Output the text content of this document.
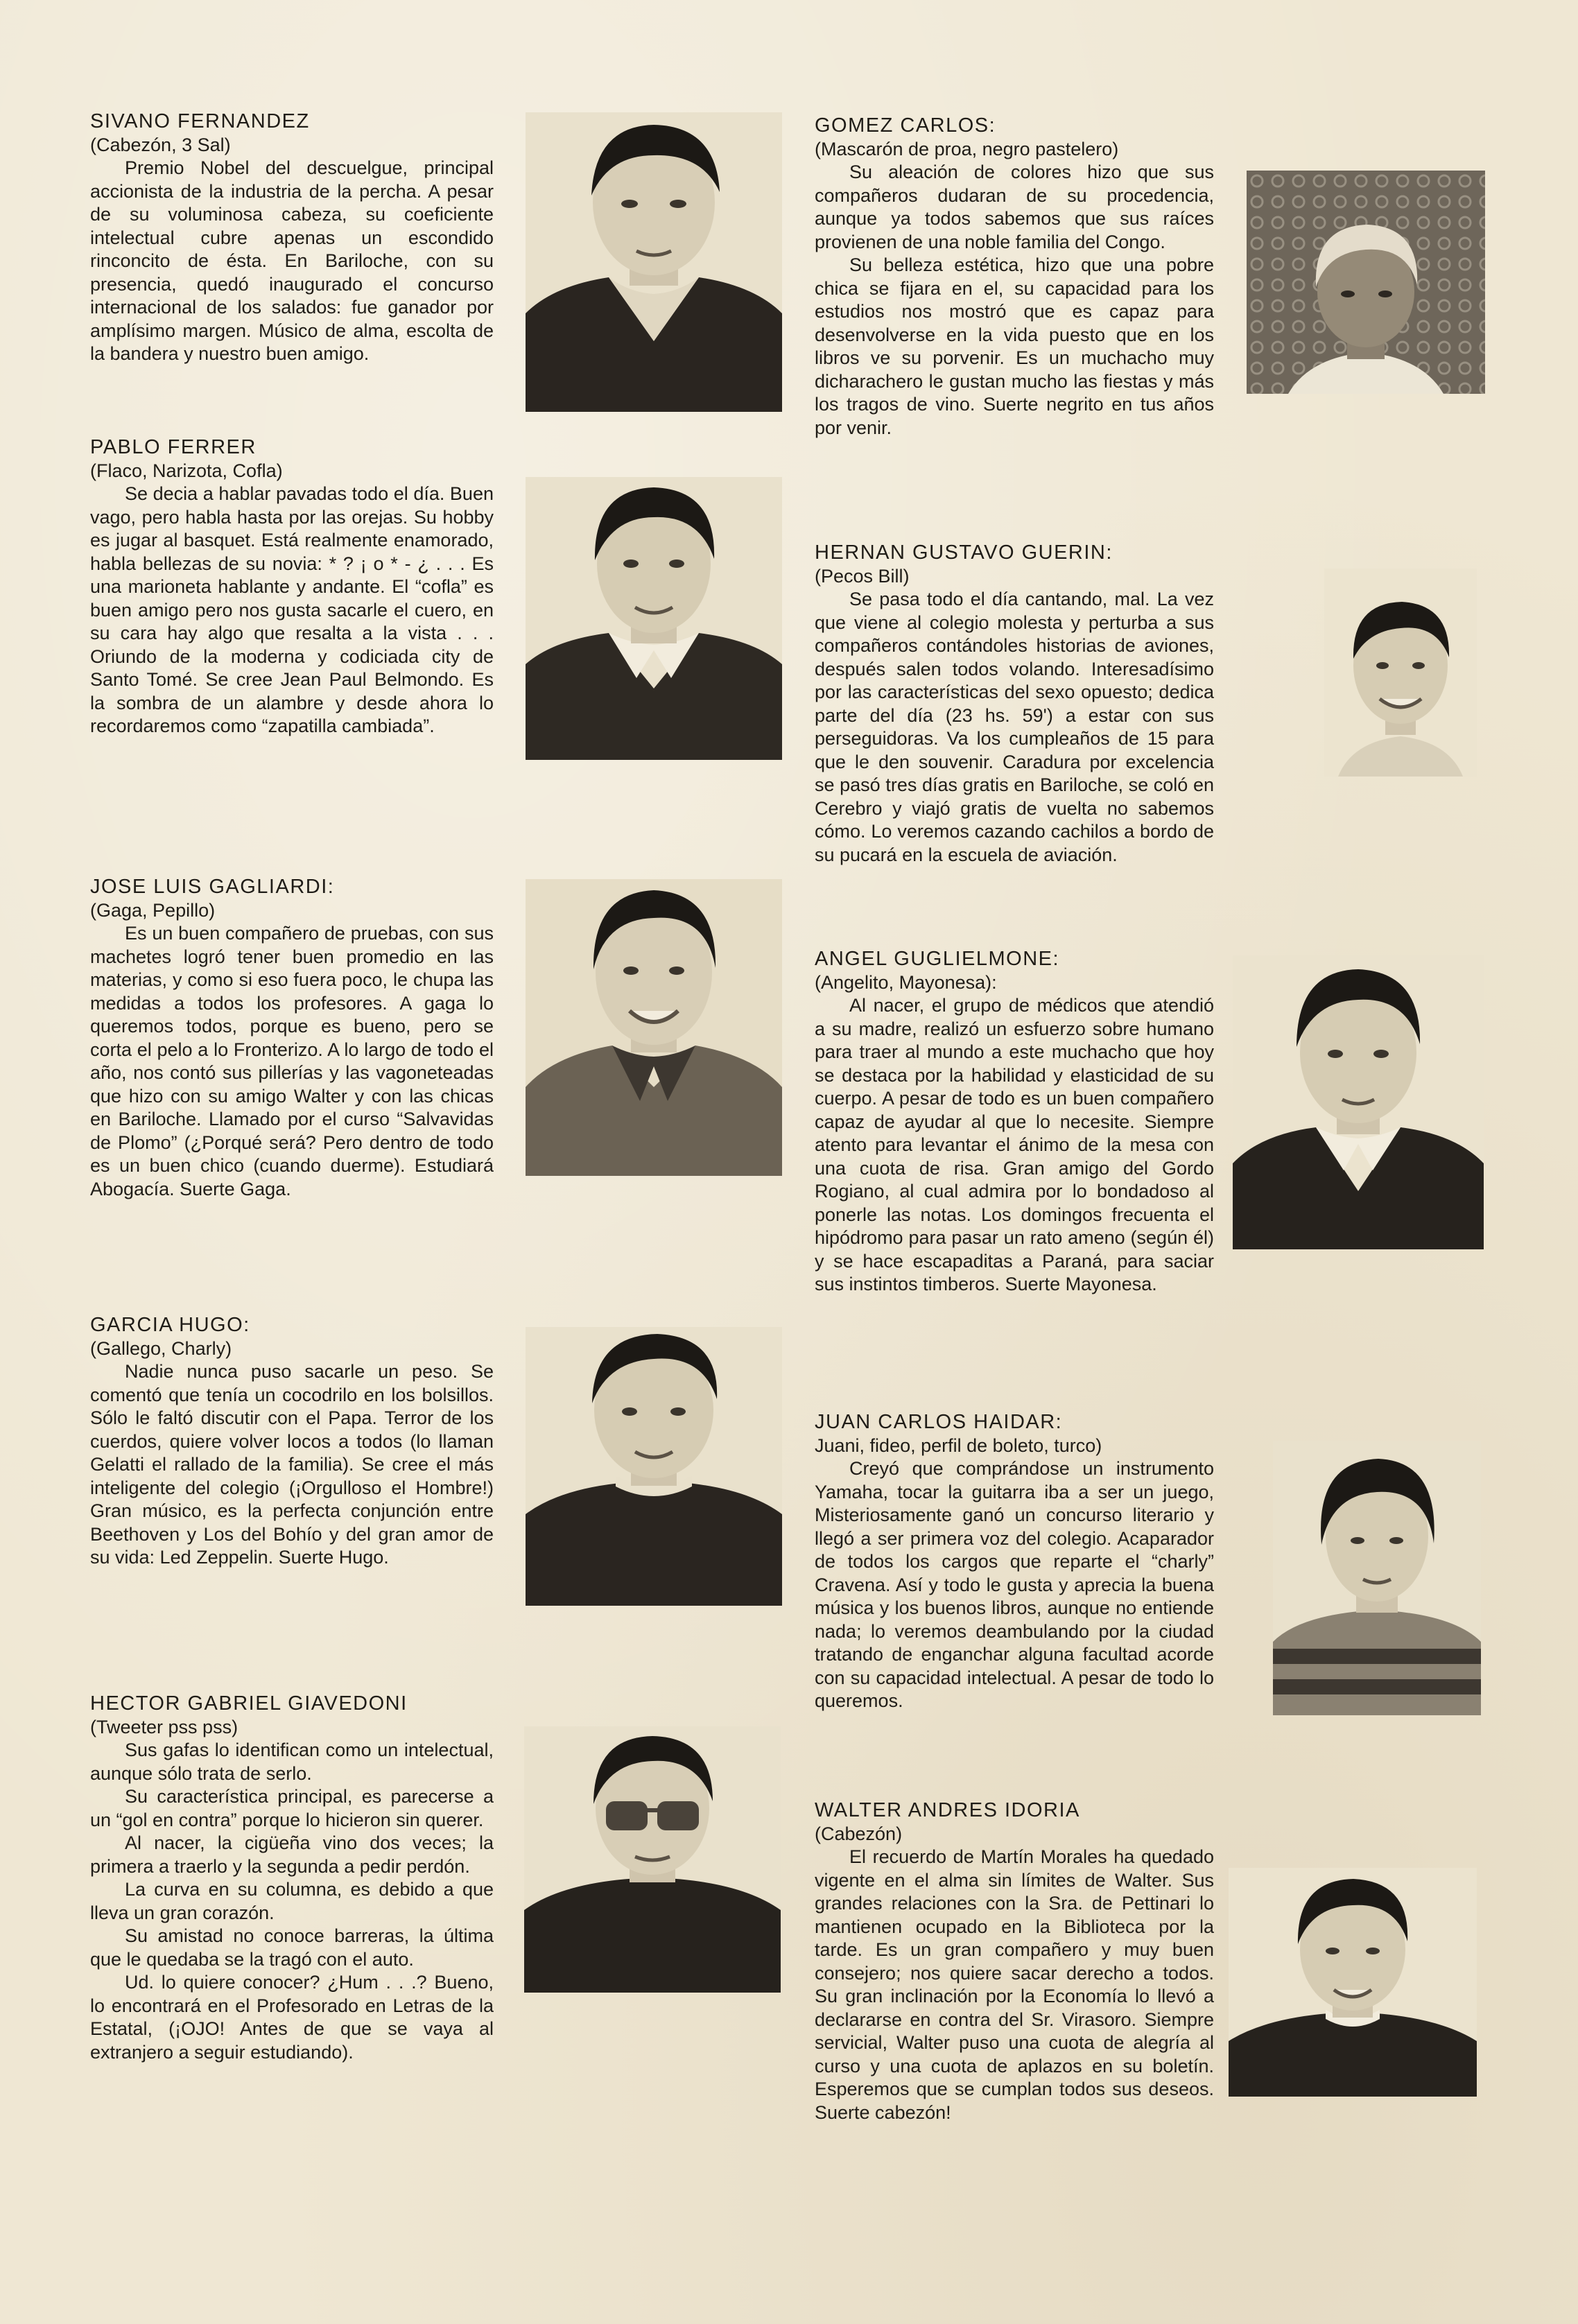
SIVANO FERNANDEZ
(Cabezón, 3 Sal)

Premio Nobel del descuelgue, principal accionista de la industria de la percha. A pesar de su voluminosa cabeza, su coeficiente intelectual cubre apenas un escondido rinconcito de ésta. En Bariloche, con su presencia, quedó inaugurado el concurso internacional de los salados: fue ganador por amplísimo margen. Músico de alma, escolta de la bandera y nuestro buen amigo.

PABLO FERRER
(Flaco, Narizota, Cofla)

Se decia a hablar pavadas todo el día. Buen vago, pero habla hasta por las orejas. Su hobby es jugar al basquet. Está realmente enamorado, habla bellezas de su novia: * ? ¡ o * - ¿ . . . Es una marioneta hablante y andante. El “cofla” es buen amigo pero nos gusta sacarle el cuero, en su cara hay algo que resalta a la vista . . . Oriundo de la moderna y codiciada city de Santo Tomé. Se cree Jean Paul Belmondo. Es la sombra de un alambre y desde ahora lo recordaremos como “zapatilla cambiada”.

JOSE LUIS GAGLIARDI:
(Gaga, Pepillo)

Es un buen compañero de pruebas, con sus machetes logró tener buen promedio en las materias, y como si eso fuera poco, le chupa las medidas a todos los profesores. A gaga lo queremos todos, porque es bueno, pero se corta el pelo a lo Fronterizo. A lo largo de todo el año, nos contó sus pillerías y las vagoneteadas que hizo con su amigo Walter y con las chicas en Bariloche. Llamado por el curso “Salvavidas de Plomo” (¿Porqué será? Pero dentro de todo es un buen chico (cuando duerme). Estudiará Abogacía. Suerte Gaga.

GARCIA HUGO:
(Gallego, Charly)

Nadie nunca puso sacarle un peso. Se comentó que tenía un cocodrilo en los bolsillos. Sólo le faltó discutir con el Papa. Terror de los cuerdos, quiere volver locos a todos (lo llaman Gelatti el rallado de la familia). Se cree el más inteligente del colegio (¡Orgulloso el Hombre!) Gran músico, es la perfecta conjunción entre Beethoven y Los del Bohío y del gran amor de su vida: Led Zeppelin. Suerte Hugo.

HECTOR GABRIEL GIAVEDONI
(Tweeter pss pss)

Sus gafas lo identifican como un intelectual, aunque sólo trata de serlo.

Su característica principal, es parecerse a un “gol en contra” porque lo hicieron sin querer.

Al nacer, la cigüeña vino dos veces; la primera a traerlo y la segunda a pedir perdón.

La curva en su columna, es debido a que lleva un gran corazón.

Su amistad no conoce barreras, la última que le quedaba se la tragó con el auto.

Ud. lo quiere conocer? ¿Hum . . .? Bueno, lo encontrará en el Profesorado en Letras de la Estatal, (¡OJO! Antes de que se vaya al extranjero a seguir estudiando).

GOMEZ CARLOS:
(Mascarón de proa, negro pastelero)

Su aleación de colores hizo que sus compañeros dudaran de su procedencia, aunque ya todos sabemos que sus raíces provienen de una noble familia del Congo.

Su belleza estética, hizo que una pobre chica se fijara en el, su capacidad para los estudios nos mostró que es capaz para desenvolverse en la vida puesto que en los libros ve su porvenir. Es un muchacho muy dicharachero le gustan mucho las fiestas y más los tragos de vino. Suerte negrito en tus años por venir.

HERNAN GUSTAVO GUERIN:
(Pecos Bill)

Se pasa todo el día cantando, mal. La vez que viene al colegio molesta y perturba a sus compañeros contándoles historias de aviones, después salen todos volando. Interesadísimo por las características del sexo opuesto; dedica parte del día (23 hs. 59') a estar con sus perseguidoras. Va los cumpleaños de 15 para que le den souvenir. Caradura por excelencia se pasó tres días gratis en Bariloche, se coló en Cerebro y viajó gratis de vuelta no sabemos cómo. Lo veremos cazando cachilos a bordo de su pucará en la escuela de aviación.

ANGEL GUGLIELMONE:
(Angelito, Mayonesa):

Al nacer, el grupo de médicos que atendió a su madre, realizó un esfuerzo sobre humano para traer al mundo a este muchacho que hoy se destaca por la habilidad y elasticidad de su cuerpo. A pesar de todo es un buen compañero capaz de ayudar al que lo necesite. Siempre atento para levantar el ánimo de la mesa con una cuota de risa. Gran amigo del Gordo Rogiano, al cual admira por lo bondadoso al ponerle las notas. Los domingos frecuenta el hipódromo para pasar un rato ameno (según él) y se hace escapaditas a Paraná, para saciar sus instintos timberos. Suerte Mayonesa.

JUAN CARLOS HAIDAR:
Juani, fideo, perfil de boleto, turco)

Creyó que comprándose un instrumento Yamaha, tocar la guitarra iba a ser un juego, Misteriosamente ganó un concurso literario y llegó a ser primera voz del colegio. Acaparador de todos los cargos que reparte el “charly” Cravena. Así y todo le gusta y aprecia la buena música y los buenos libros, aunque no entiende nada; lo veremos deambulando por la ciudad tratando de enganchar alguna facultad acorde con su capacidad intelectual. A pesar de todo lo queremos.

WALTER ANDRES IDORIA
(Cabezón)

El recuerdo de Martín Morales ha quedado vigente en el alma sin límites de Walter. Sus grandes relaciones con la Sra. de Pettinari lo mantienen ocupado en la Biblioteca por la tarde. Es un gran compañero y muy buen consejero; nos quiere sacar derecho a todos. Su gran inclinación por la Economía lo llevó a declararse en contra del Sr. Virasoro. Siempre servicial, Walter puso una cuota de alegría al curso y una cuota de aplazos en su boletín. Esperemos que se cumplan todos sus deseos. Suerte cabezón!
